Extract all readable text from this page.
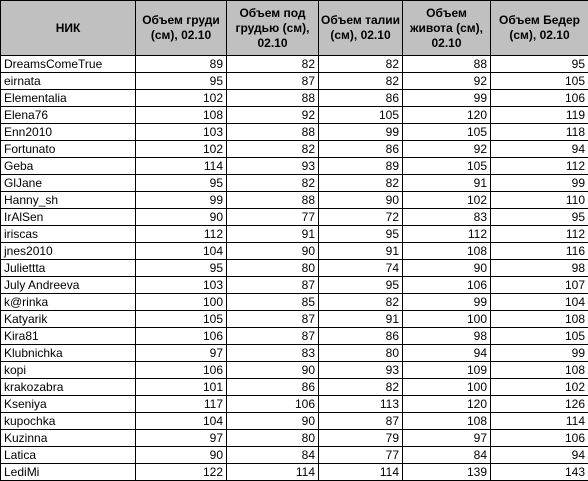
НИК	Объем груди (см), 02.10	Объем под грудью (см), 02.10	Объем талии (см), 02.10	Объем живота (см), 02.10	Объем Бедер (см), 02.10
DreamsComeTrue	89	82	82	88	95
eirnata	95	87	82	92	105
Elementalia	102	88	86	99	106
Elena76	108	92	105	120	119
Enn2010	103	88	99	105	118
Fortunato	102	82	86	92	94
Geba	114	93	89	105	112
GlJane	95	82	82	91	99
Hanny_sh	99	88	90	102	110
IrAlSen	90	77	72	83	95
iriscas	112	91	95	112	112
jnes2010	104	90	91	108	116
Juliettta	95	80	74	90	98
July Andreeva	103	87	95	106	107
k@rinka	100	85	82	99	104
Katyarik	105	87	91	100	108
Kira81	106	87	86	98	105
Klubnichka	97	83	80	94	99
kopi	106	90	93	109	108
krakozabra	101	86	82	100	102
Kseniya	117	106	113	120	126
kupochka	104	90	87	108	114
Kuzinna	97	80	79	97	106
Latica	90	84	77	84	94
LediMi	122	114	114	139	143
